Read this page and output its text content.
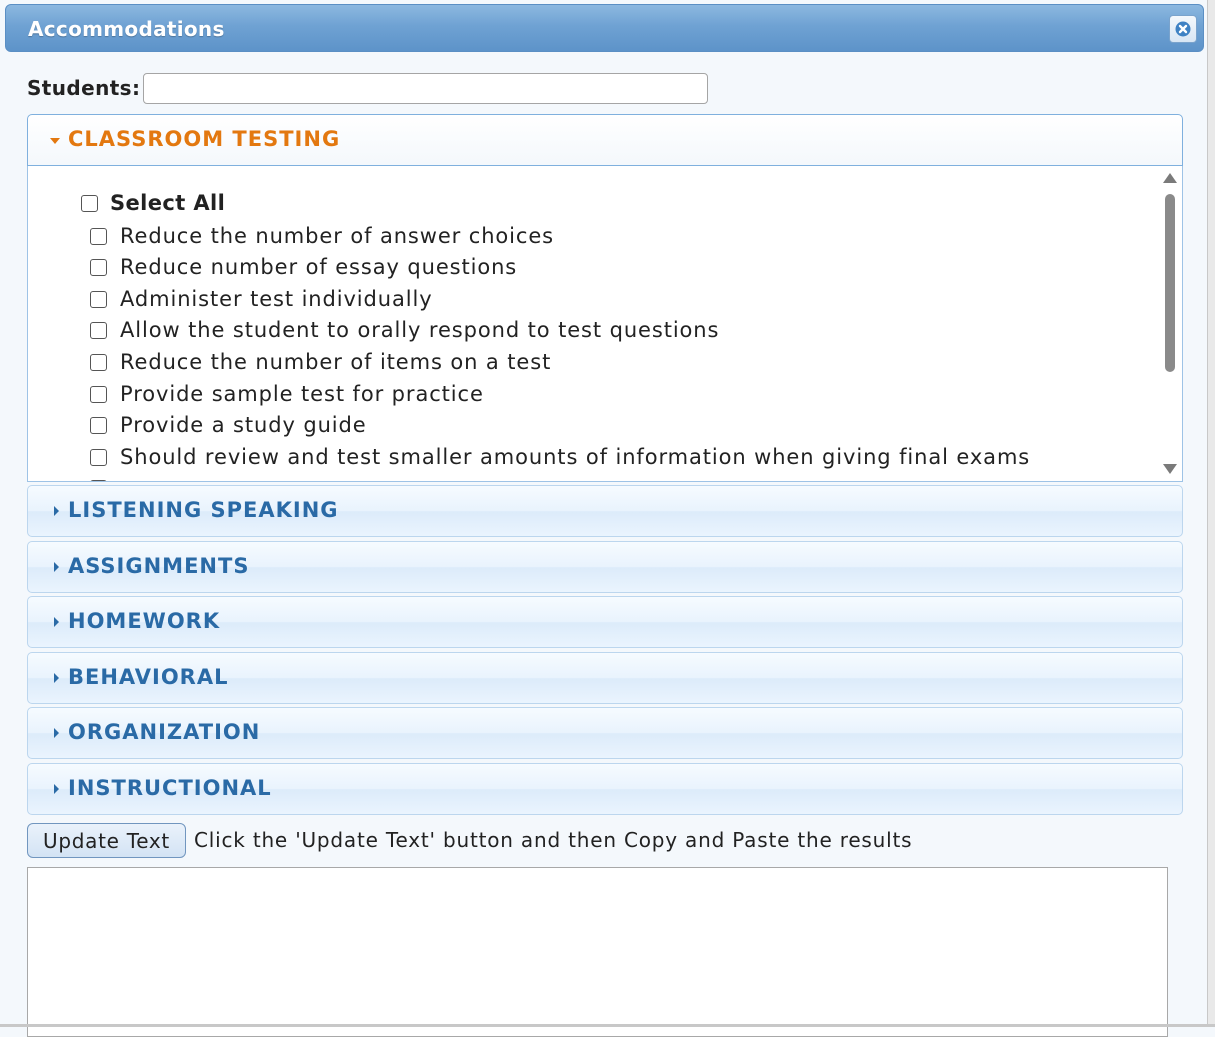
Accommodations
Students:
CLASSROOM TESTING
Select All
Reduce the number of answer choices
Reduce number of essay questions
Administer test individually
Allow the student to orally respond to test questions
Reduce the number of items on a test
Provide sample test for practice
Provide a study guide
Should review and test smaller amounts of information when giving final exams
LISTENING SPEAKING
ASSIGNMENTS
HOMEWORK
BEHAVIORAL
ORGANIZATION
INSTRUCTIONAL
Update Text	Click the 'Update Text' button and then Copy and Paste the results
